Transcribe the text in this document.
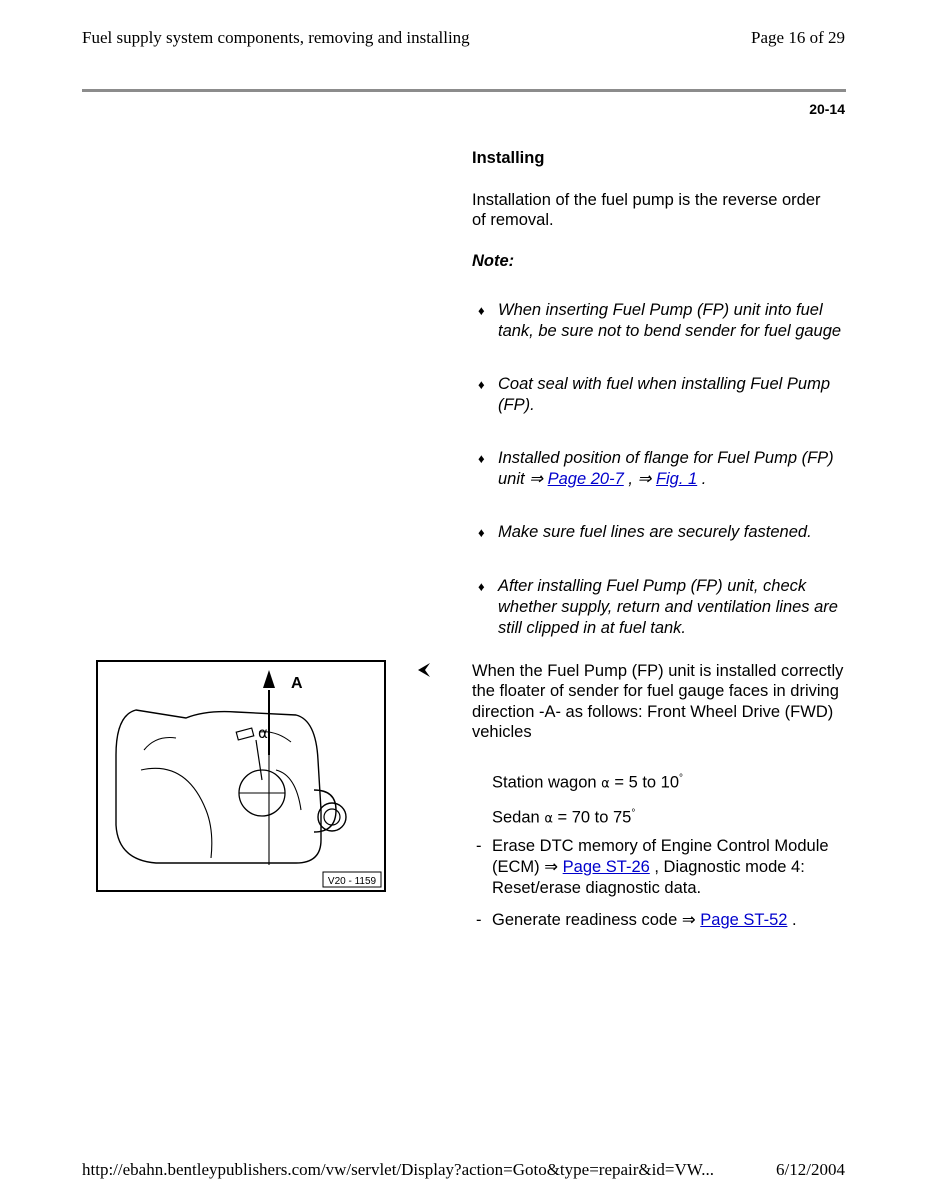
Fuel supply system components, removing and installing	Page 16 of 29
20-14
A
α
V20 - 1159
Installing
Installation of the fuel pump is the reverse order
of removal.
Note:
♦ When inserting Fuel Pump (FP) unit into fuel
tank, be sure not to bend sender for fuel gauge
♦ Coat seal with fuel when installing Fuel Pump
(FP).
♦ Installed position of flange for Fuel Pump (FP)
unit ⇒ Page 20-7 , ⇒ Fig. 1 .
♦ Make sure fuel lines are securely fastened.
♦ After installing Fuel Pump (FP) unit, check
whether supply, return and ventilation lines are
still clipped in at fuel tank.
When the Fuel Pump (FP) unit is installed correctly
the floater of sender for fuel gauge faces in driving
direction -A- as follows: Front Wheel Drive (FWD)
vehicles
Station wagon α = 5 to 10°
Sedan α = 70 to 75°
- Erase DTC memory of Engine Control Module
(ECM) ⇒ Page ST-26 , Diagnostic mode 4:
Reset/erase diagnostic data.
- Generate readiness code ⇒ Page ST-52 .
http://ebahn.bentleypublishers.com/vw/servlet/Display?action=Goto&type=repair&id=VW...	6/12/2004
